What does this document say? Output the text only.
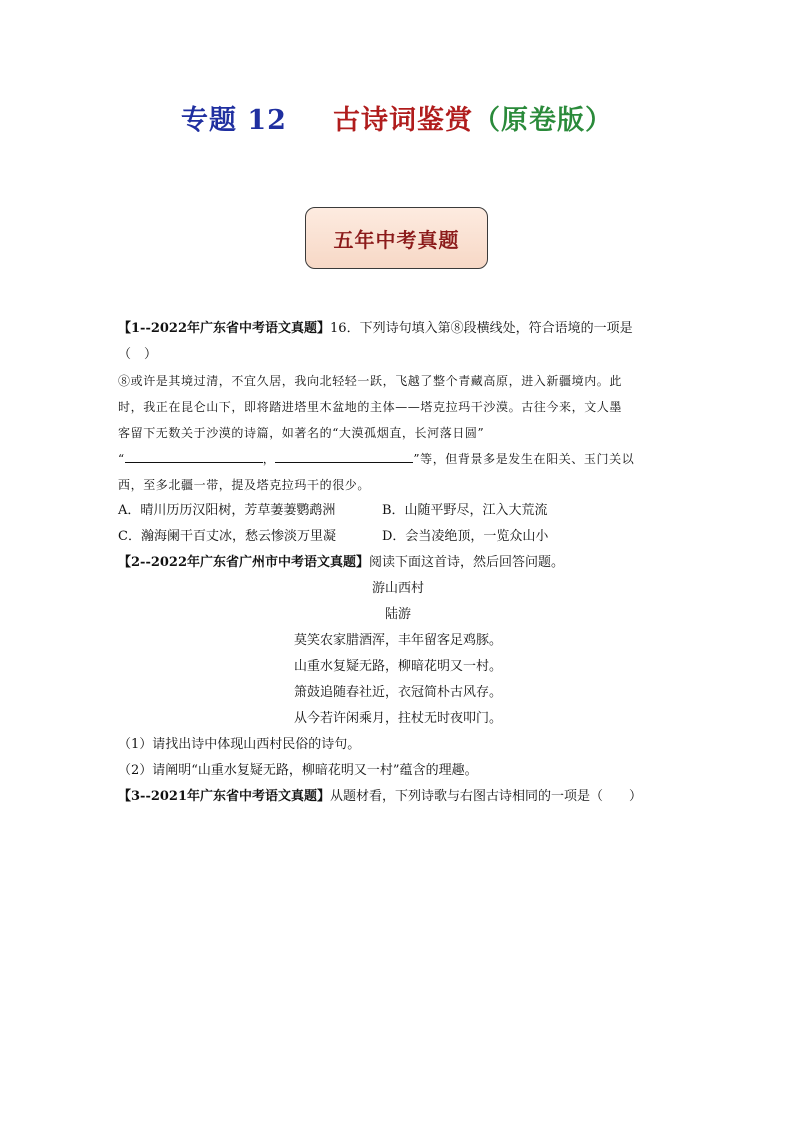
专题 12 古诗词鉴赏（原卷版）
五年中考真题

【1--2022年广东省中考语文真题】16．下列诗句填入第⑧段横线处，符合语境的一项是

（　）

⑧或许是其境过清，不宜久居，我向北轻轻一跃，飞越了整个青藏高原，进入新疆境内。此

时，我正在昆仑山下，即将踏进塔里木盆地的主体——塔克拉玛干沙漠。古往今来，文人墨

客留下无数关于沙漠的诗篇，如著名的“大漠孤烟直，长河落日圆”

“	，	”等，但背景多是发生在阳关、玉门关以

西，至多北疆一带，提及塔克拉玛干的很少。

A．晴川历历汉阳树，芳草萋萋鹦鹉洲	B．山随平野尽，江入大荒流
C．瀚海阑干百丈冰，愁云惨淡万里凝	D．会当凌绝顶，一览众山小

【2--2022年广东省广州市中考语文真题】阅读下面这首诗，然后回答问题。

游山西村

陆游

莫笑农家腊酒浑，丰年留客足鸡豚。

山重水复疑无路，柳暗花明又一村。

箫鼓追随春社近，衣冠简朴古风存。

从今若许闲乘月，拄杖无时夜叩门。

（1）请找出诗中体现山西村民俗的诗句。

（2）请阐明“山重水复疑无路，柳暗花明又一村”蕴含的理趣。

【3--2021年广东省中考语文真题】从题材看，下列诗歌与右图古诗相同的一项是（　　）
